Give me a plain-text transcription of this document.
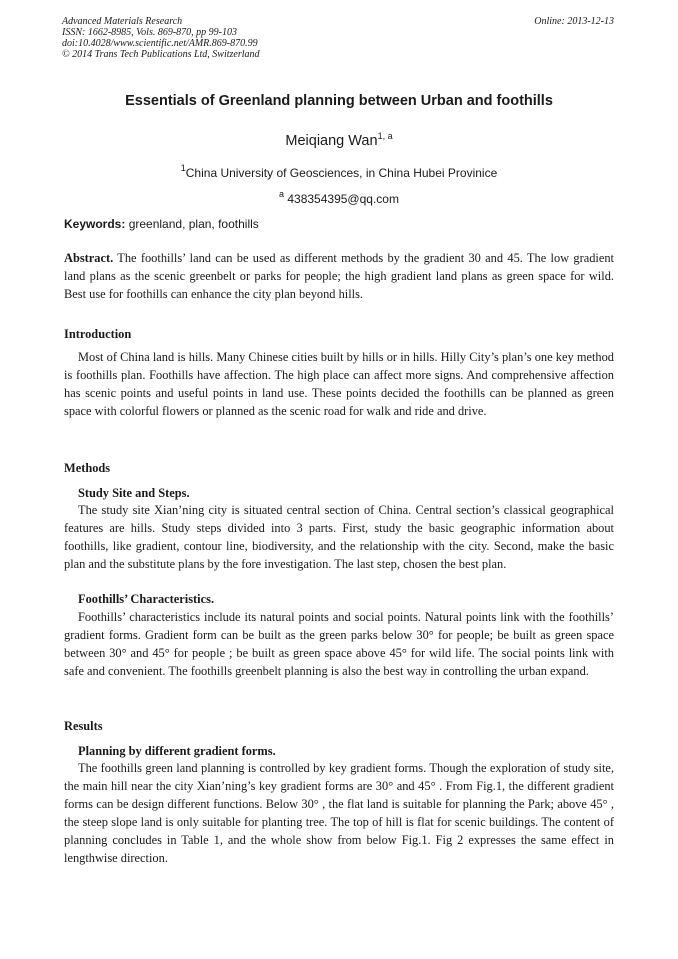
Advanced Materials Research
ISSN: 1662-8985, Vols. 869-870, pp 99-103
doi:10.4028/www.scientific.net/AMR.869-870.99
© 2014 Trans Tech Publications Ltd, Switzerland
Online: 2013-12-13
Essentials of Greenland planning between Urban and foothills
Meiqiang Wan$^{1, a}$
$^1$China University of Geosciences, in China Hubei Provinice
$^a$ 438354395@qq.com
Keywords: greenland, plan, foothills
Abstract. The foothills’ land can be used as different methods by the gradient 30 and 45. The low gradient land plans as the scenic greenbelt or parks for people; the high gradient land plans as green space for wild. Best use for foothills can enhance the city plan beyond hills.
Introduction
Most of China land is hills. Many Chinese cities built by hills or in hills. Hilly City’s plan’s one key method is foothills plan. Foothills have affection. The high place can affect more signs. And comprehensive affection has scenic points and useful points in land use. These points decided the foothills can be planned as green space with colorful flowers or planned as the scenic road for walk and ride and drive.
Methods
Study Site and Steps.
The study site Xian’ning city is situated central section of China. Central section’s classical geographical features are hills. Study steps divided into 3 parts. First, study the basic geographic information about foothills, like gradient, contour line, biodiversity, and the relationship with the city. Second, make the basic plan and the substitute plans by the fore investigation. The last step, chosen the best plan.
Foothills’ Characteristics.
Foothills’ characteristics include its natural points and social points. Natural points link with the foothills’ gradient forms. Gradient form can be built as the green parks below 30° for people; be built as green space between 30° and 45° for people ; be built as green space above 45° for wild life. The social points link with safe and convenient. The foothills greenbelt planning is also the best way in controlling the urban expand.
Results
Planning by different gradient forms.
The foothills green land planning is controlled by key gradient forms. Though the exploration of study site, the main hill near the city Xian’ning’s key gradient forms are 30° and 45° . From Fig.1, the different gradient forms can be design different functions. Below 30° , the flat land is suitable for planning the Park; above 45° , the steep slope land is only suitable for planting tree. The top of hill is flat for scenic buildings. The content of planning concludes in Table 1, and the whole show from below Fig.1. Fig 2 expresses the same effect in lengthwise direction.
